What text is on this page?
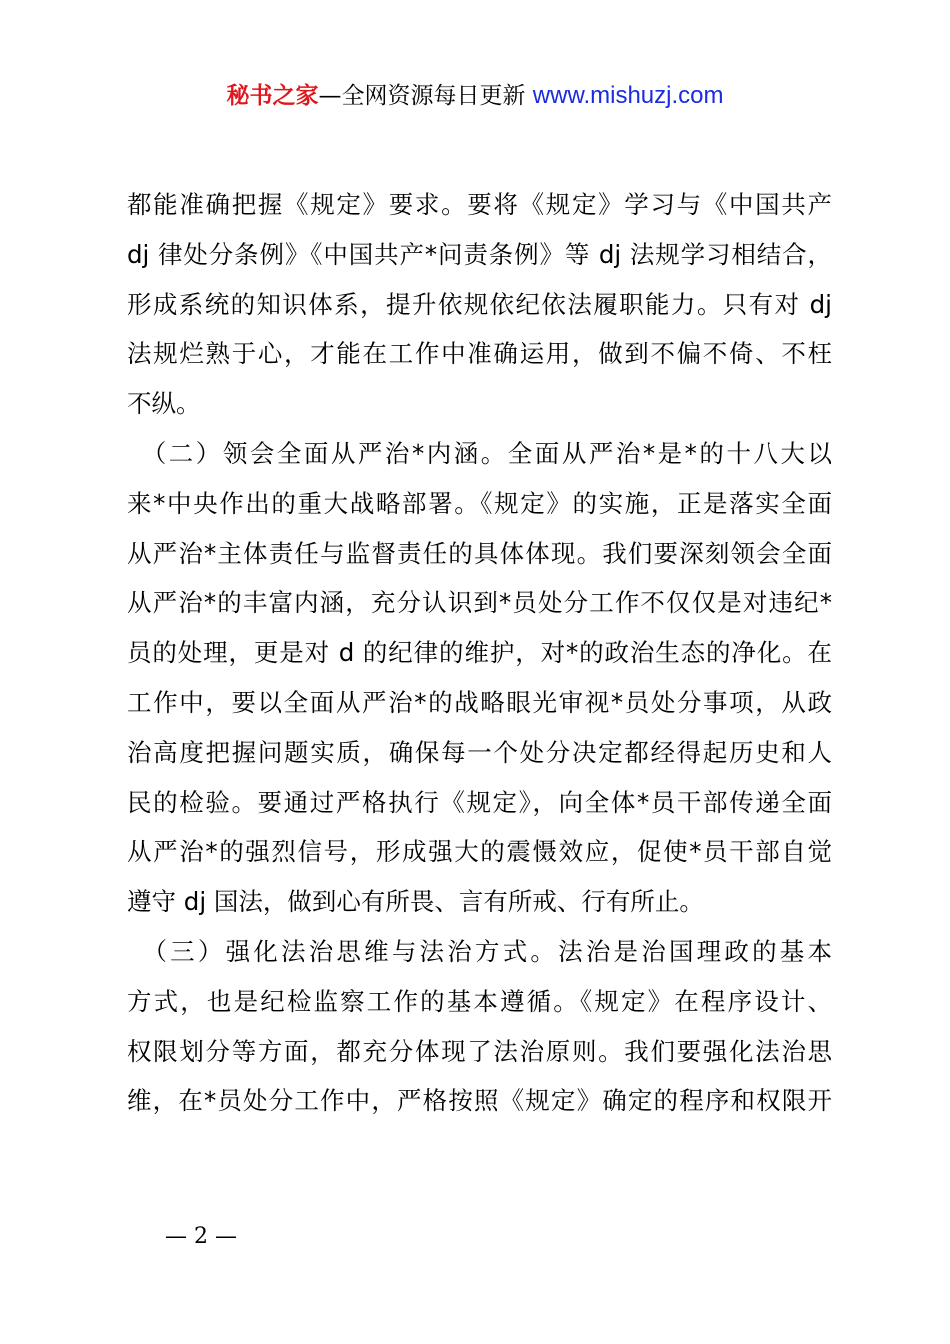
秘书之家—全网资源每日更新 www.mishuzj.com
都能准确把握《规定》要求。要将《规定》学习与《中国共产
dj 律处分条例》《中国共产*问责条例》等 dj 法规学习相结合，
形成系统的知识体系，提升依规依纪依法履职能力。只有对 dj
法规烂熟于心，才能在工作中准确运用，做到不偏不倚、不枉
不纵。
　（二）领会全面从严治*内涵。全面从严治*是*的十八大以
来*中央作出的重大战略部署。《规定》的实施，正是落实全面
从严治*主体责任与监督责任的具体体现。我们要深刻领会全面
从严治*的丰富内涵，充分认识到*员处分工作不仅仅是对违纪*
员的处理，更是对 d 的纪律的维护，对*的政治生态的净化。在
工作中，要以全面从严治*的战略眼光审视*员处分事项，从政
治高度把握问题实质，确保每一个处分决定都经得起历史和人
民的检验。要通过严格执行《规定》，向全体*员干部传递全面
从严治*的强烈信号，形成强大的震慑效应，促使*员干部自觉
遵守 dj 国法，做到心有所畏、言有所戒、行有所止。
　（三）强化法治思维与法治方式。法治是治国理政的基本
方式，也是纪检监察工作的基本遵循。《规定》在程序设计、
权限划分等方面，都充分体现了法治原则。我们要强化法治思
维，在*员处分工作中，严格按照《规定》确定的程序和权限开
— 2 —
